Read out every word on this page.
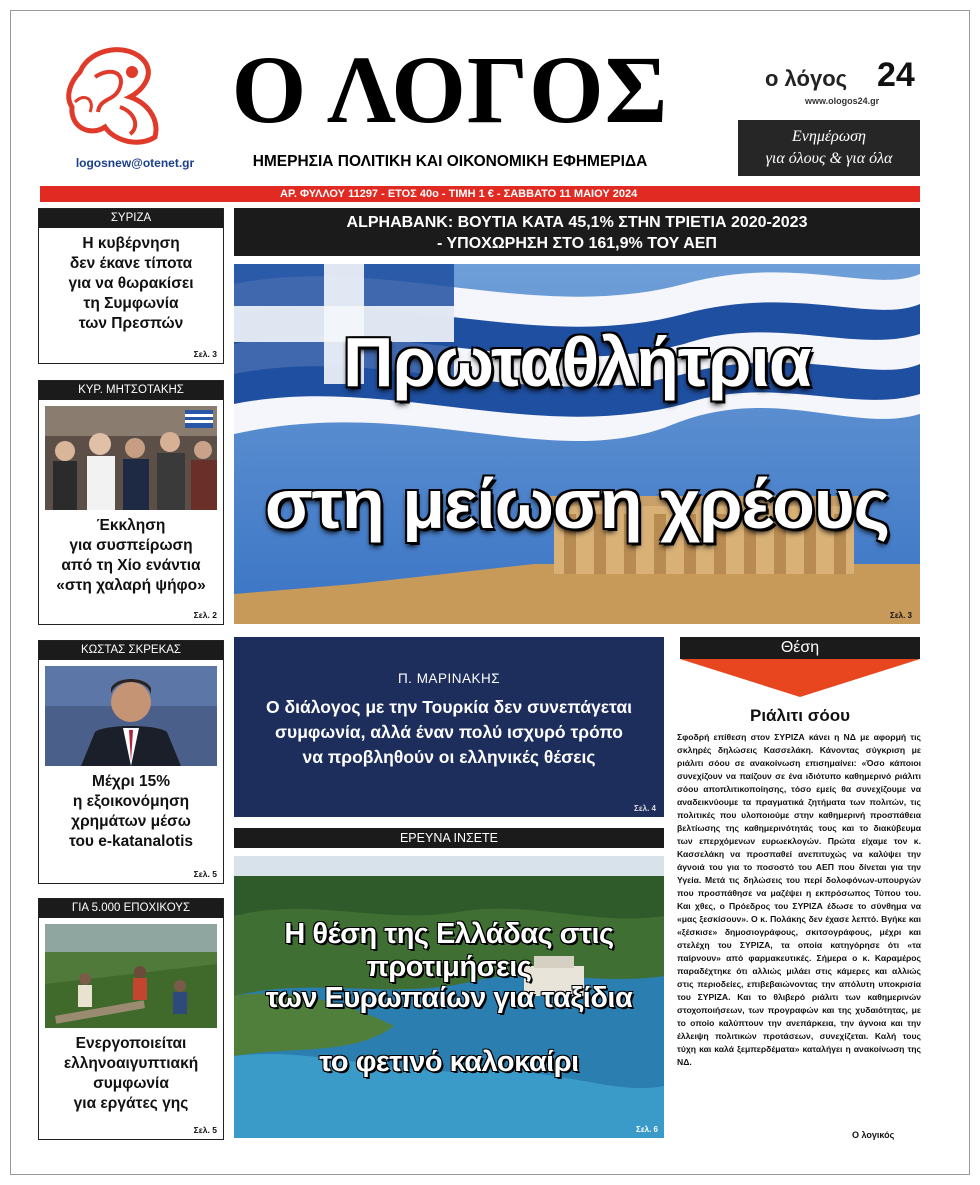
logosnew@otenet.gr
Ο ΛΟΓΟΣ
ΗΜΕΡΗΣΙΑ ΠΟΛΙΤΙΚΗ ΚΑΙ ΟΙΚΟΝΟΜΙΚΗ ΕΦΗΜΕΡΙΔΑ
ο λόγος 24
www.ologos24.gr
Ενημέρωση
για όλους & για όλα
ΑΡ. ΦΥΛΛΟΥ 11297 - ΕΤΟΣ 40ο - ΤΙΜΗ 1 € - ΣΑΒΒΑΤΟ 11 ΜΑΙΟΥ 2024
ΣΥΡΙΖΑ
Η κυβέρνηση
δεν έκανε τίποτα
για να θωρακίσει
τη Συμφωνία
των Πρεσπών
Σελ. 3
ΚΥΡ. ΜΗΤΣΟΤΑΚΗΣ
Έκκληση
για συσπείρωση
από τη Χίο ενάντια
«στη χαλαρή ψήφο»
Σελ. 2
ΚΩΣΤΑΣ ΣΚΡΕΚΑΣ
Μέχρι 15%
η εξοικονόμηση
χρημάτων μέσω
του e-katanalotis
Σελ. 5
ΓΙΑ 5.000 ΕΠΟΧΙΚΟΥΣ
Ενεργοποιείται
ελληνοαιγυπτιακή
συμφωνία
για εργάτες γης
Σελ. 5
ALPHABANK: ΒΟΥΤΙΑ ΚΑΤΑ 45,1% ΣΤΗΝ ΤΡΙΕΤΙΑ 2020-2023
- ΥΠΟΧΩΡΗΣΗ ΣΤΟ 161,9% ΤΟΥ ΑΕΠ
Πρωταθλήτρια
στη μείωση χρέους
Σελ. 3
Π. ΜΑΡΙΝΑΚΗΣ
Ο διάλογος με την Τουρκία δεν συνεπάγεται
συμφωνία, αλλά έναν πολύ ισχυρό τρόπο
να προβληθούν οι ελληνικές θέσεις
Σελ. 4
ΕΡΕΥΝΑ ΙΝΣΕΤΕ
Η θέση της Ελλάδας στις προτιμήσεις
των Ευρωπαίων για ταξίδια
το φετινό καλοκαίρι
Σελ. 6
Θέση
Ριάλιτι σόου
Σφοδρή επίθεση στον ΣΥΡΙΖΑ κάνει η ΝΔ με αφορμή τις σκληρές δηλώσεις Κασσελάκη. Κάνοντας σύγκριση με ριάλιτι σόου σε ανακοίνωση επισημαίνει: «Όσο κάποιοι συνεχίζουν να παίζουν σε ένα ιδιότυπο καθημερινό ριάλιτι σόου αποπλιτικοποίησης, τόσο εμείς θα συνεχίζουμε να αναδεικνύουμε τα πραγματικά ζητήματα των πολιτών, τις πολιτικές που υλοποιούμε στην καθημερινή προσπάθεια βελτίωσης της καθημερινότητάς τους και το διακύβευμα των επερχόμενων ευρωεκλογών. Πρώτα είχαμε τον κ. Κασσελάκη να προσπαθεί ανεπιτυχώς να καλύψει την άγνοιά του για το ποσοστό του ΑΕΠ που δίνεται για την Υγεία. Μετά τις δηλώσεις του περί δολοφόνων-υπουργών που προσπάθησε να μαζέψει η εκπρόσωπος Τύπου του. Και χθες, ο Πρόεδρος του ΣΥΡΙΖΑ έδωσε το σύνθημα να «μας ξεσκίσουν». Ο κ. Πολάκης δεν έχασε λεπτό. Βγήκε και «ξέσκισε» δημοσιογράφους, σκιτσογράφους, μέχρι και στελέχη του ΣΥΡΙΖΑ, τα οποία κατηγόρησε ότι «τα παίρνουν» από φαρμακευτικές. Σήμερα ο κ. Καραμέρος παραδέχτηκε ότι αλλιώς μιλάει στις κάμερες και αλλιώς στις περιοδείες, επιβεβαιώνοντας την απόλυτη υποκρισία του ΣΥΡΙΖΑ. Και το θλιβερό ριάλιτι των καθημερινών στοχοποιήσεων, των προγραφών και της χυδαιότητας, με το οποίο καλύπτουν την ανεπάρκεια, την άγνοια και την έλλειψη πολιτικών προτάσεων, συνεχίζεται. Καλή τους τύχη και καλά ξεμπερδέματα» καταλήγει η ανακοίνωση της ΝΔ.
Ο λογικός
